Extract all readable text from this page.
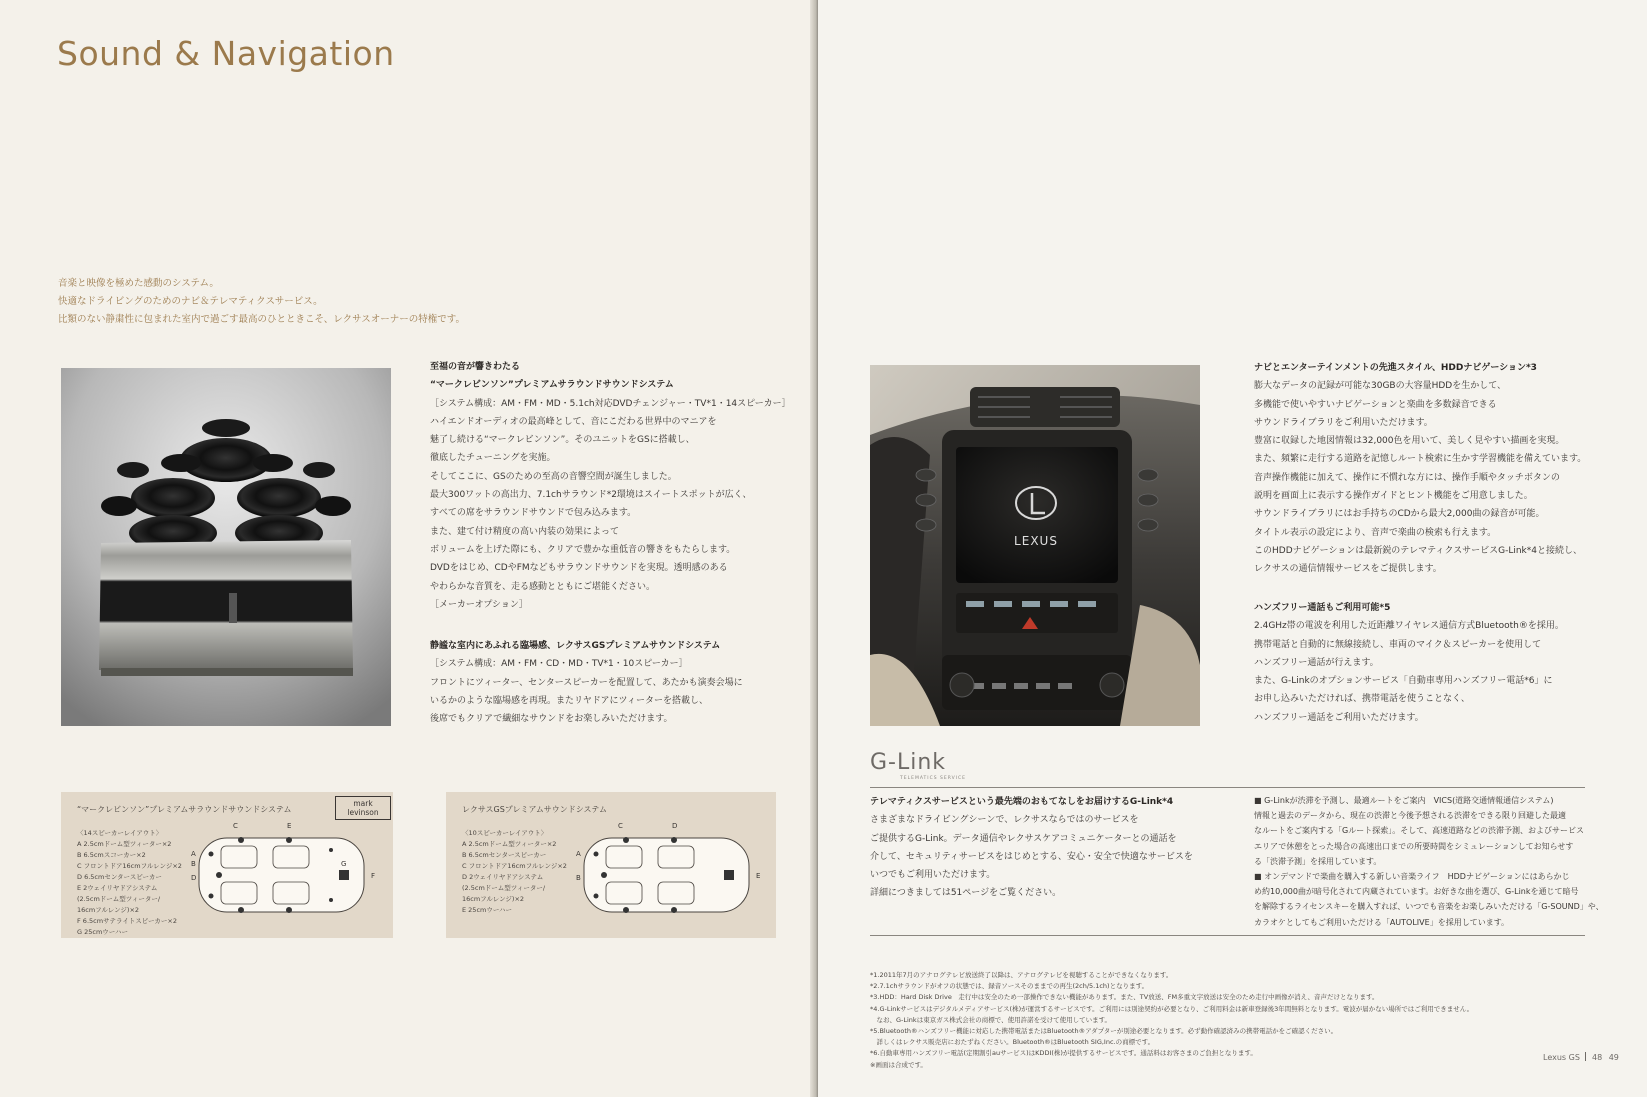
Sound & Navigation
音楽と映像を極めた感動のシステム。
快適なドライビングのためのナビ＆テレマティクスサービス。
比類のない静粛性に包まれた室内で過ごす最高のひとときこそ、レクサスオーナーの特権です。
至福の音が響きわたる
“マークレビンソン”プレミアムサラウンドサウンドシステム
［システム構成：AM・FM・MD・5.1ch対応DVDチェンジャー・TV*1・14スピーカー］
ハイエンドオーディオの最高峰として、音にこだわる世界中のマニアを
魅了し続ける“マークレビンソン”。そのユニットをGSに搭載し、
徹底したチューニングを実施。
そしてここに、GSのための至高の音響空間が誕生しました。
最大300ワットの高出力、7.1chサラウンド*2環境はスイートスポットが広く、
すべての席をサラウンドサウンドで包み込みます。
また、建て付け精度の高い内装の効果によって
ボリュームを上げた際にも、クリアで豊かな重低音の響きをもたらします。
DVDをはじめ、CDやFMなどもサラウンドサウンドを実現。透明感のある
やわらかな音質を、走る感動とともにご堪能ください。
［メーカーオプション］
静謐な室内にあふれる臨場感、レクサスGSプレミアムサウンドシステム
［システム構成：AM・FM・CD・MD・TV*1・10スピーカー］
フロントにツィーター、センタースピーカーを配置して、あたかも演奏会場に
いるかのような臨場感を再現。またリヤドアにツィーターを搭載し、
後席でもクリアで繊細なサウンドをお楽しみいただけます。
“マークレビンソン”プレミアムサラウンドサウンドシステム
mark levinson
〈14スピーカーレイアウト〉
A 2.5cmドーム型ツィーター×2
B 6.5cmスコーカー×2
C フロントドア16cmフルレンジ×2
D 6.5cmセンタースピーカー
E 2ウェイリヤドアシステム
(2.5cmドーム型ツィーター/
16cmフルレンジ)×2
F 6.5cmサテライトスピーカー×2
G 25cmウーハー
A
B
C
D
E
F
G
レクサスGSプレミアムサウンドシステム
〈10スピーカーレイアウト〉
A 2.5cmドーム型ツィーター×2
B 6.5cmセンタースピーカー
C フロントドア16cmフルレンジ×2
D 2ウェイリヤドアシステム
(2.5cmドーム型ツィーター/
16cmフルレンジ)×2
E 25cmウーハー
A
B
C	D
E
LEXUS
ナビとエンターテインメントの先進スタイル、HDDナビゲーション*3
膨大なデータの記録が可能な30GBの大容量HDDを生かして、
多機能で使いやすいナビゲーションと楽曲を多数録音できる
サウンドライブラリをご利用いただけます。
豊富に収録した地図情報は32,000色を用いて、美しく見やすい描画を実現。
また、頻繁に走行する道路を記憶しルート検索に生かす学習機能を備えています。
音声操作機能に加えて、操作に不慣れな方には、操作手順やタッチボタンの
説明を画面上に表示する操作ガイドとヒント機能をご用意しました。
サウンドライブラリにはお手持ちのCDから最大2,000曲の録音が可能。
タイトル表示の設定により、音声で楽曲の検索も行えます。
このHDDナビゲーションは最新鋭のテレマティクスサービスG-Link*4と接続し、
レクサスの通信情報サービスをご提供します。
ハンズフリー通話もご利用可能*5
2.4GHz帯の電波を利用した近距離ワイヤレス通信方式Bluetooth®を採用。
携帯電話と自動的に無線接続し、車両のマイク＆スピーカーを使用して
ハンズフリー通話が行えます。
また、G-Linkのオプションサービス「自動車専用ハンズフリー電話*6」に
お申し込みいただければ、携帯電話を使うことなく、
ハンズフリー通話をご利用いただけます。
G-Link
TELEMATICS SERVICE
テレマティクスサービスという最先端のおもてなしをお届けするG-Link*4
さまざまなドライビングシーンで、レクサスならではのサービスを
ご提供するG-Link。データ通信やレクサスケアコミュニケーターとの通話を
介して、セキュリティサービスをはじめとする、安心・安全で快適なサービスを
いつでもご利用いただけます。
詳細につきましては51ページをご覧ください。
■ G-Linkが渋滞を予測し、最適ルートをご案内　VICS(道路交通情報通信システム)
情報と過去のデータから、現在の渋滞と今後予想される渋滞をできる限り回避した最適
なルートをご案内する「Gルート探索」。そして、高速道路などの渋滞予測、およびサービス
エリアで休憩をとった場合の高速出口までの所要時間をシミュレーションしてお知らせす
る「渋滞予測」を採用しています。
■ オンデマンドで楽曲を購入する新しい音楽ライフ　HDDナビゲーションにはあらかじ
め約10,000曲が暗号化されて内蔵されています。お好きな曲を選び、G-Linkを通じて暗号
を解除するライセンスキーを購入すれば、いつでも音楽をお楽しみいただける「G-SOUND」や、
カラオケとしてもご利用いただける「AUTOLIVE」を採用しています。
*1.2011年7月のアナログテレビ放送終了以降は、アナログテレビを視聴することができなくなります。
*2.7.1chサラウンドがオフの状態では、録音ソースそのままでの再生(2ch/5.1ch)となります。
*3.HDD：Hard Disk Drive　走行中は安全のため一部操作できない機能があります。また、TV放送、FM多重文字放送は安全のため走行中画像が消え、音声だけとなります。
*4.G-Linkサービスはデジタルメディアサービス(株)が運営するサービスです。ご利用には別途契約が必要となり、ご利用料金は新車登録後3年間無料となります。電波が届かない場所ではご利用できません。
　なお、G-Linkは東京ガス株式会社の商標で、使用許諾を受けて使用しています。
*5.Bluetooth®ハンズフリー機能に対応した携帯電話またはBluetooth®アダプターが別途必要となります。必ず動作確認済みの携帯電話かをご確認ください。
　詳しくはレクサス販売店におたずねください。Bluetooth®はBluetooth SIG,Inc.の商標です。
*6.自動車専用ハンズフリー電話(定期割引auサービス)はKDDI(株)が提供するサービスです。通話料はお客さまのご負担となります。
※画面は合成です。
Lexus GS 48 49
